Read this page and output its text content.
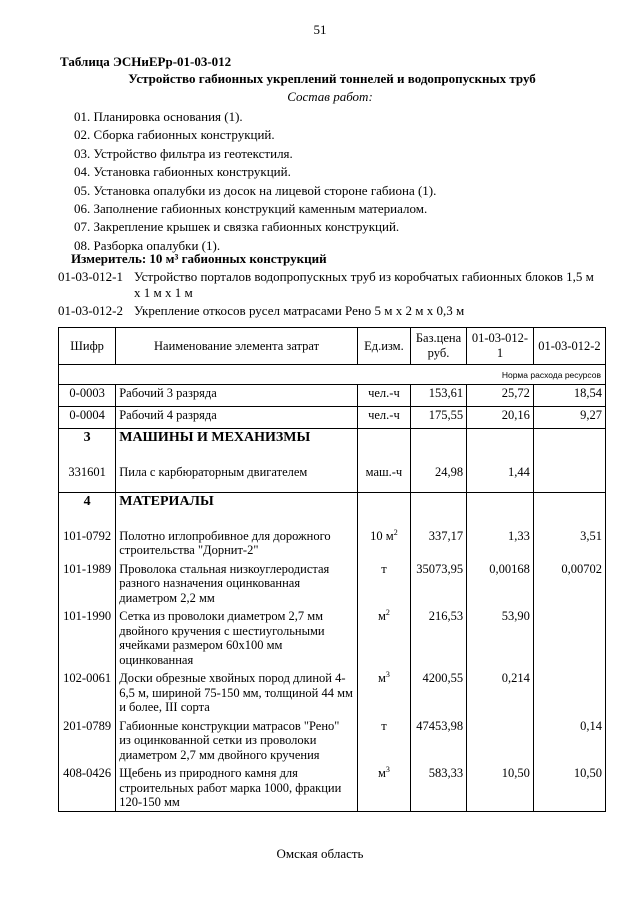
51
Таблица ЭСНиЕРр-01-03-012
Устройство габионных укреплений тоннелей и водопропускных труб
Состав работ:
01. Планировка основания (1).
02. Сборка габионных конструкций.
03. Устройство фильтра из геотекстиля.
04. Установка габионных конструкций.
05. Установка опалубки из досок на лицевой стороне габиона (1).
06. Заполнение габионных конструкций каменным материалом.
07. Закрепление крышек и связка габионных конструкций.
08. Разборка опалубки (1).
Измеритель: 10 м³ габионных конструкций
01-03-012-1 Устройство порталов водопропускных труб из коробчатых габионных блоков 1,5 м х 1 м х 1 м
01-03-012-2 Укрепление откосов русел матрасами Рено 5 м х 2 м х 0,3 м
Шифр	Наименование элемента затрат	Ед.изм.	Баз.цена руб.	01-03-012-1	01-03-012-2
Норма расхода ресурсов					
0-0003	Рабочий 3 разряда	чел.-ч	153,61	25,72	18,54
0-0004	Рабочий 4 разряда	чел.-ч	175,55	20,16	9,27
3	МАШИНЫ И МЕХАНИЗМЫ				
331601	Пила с карбюраторным двигателем	маш.-ч	24,98	1,44	
4	МАТЕРИАЛЫ				
101-0792	Полотно иглопробивное для дорожного строительства "Дорнит-2"	10 $м^2$	337,17	1,33	3,51
101-1989	Проволока стальная низкоуглеродистая разного назначения оцинкованная диаметром 2,2 мм	т	35073,95	0,00168	0,00702
101-1990	Сетка из проволоки диаметром 2,7 мм двойного кручения с шестиугольными ячейками размером 60х100 мм оцинкованная	$м^2$	216,53	53,90	
102-0061	Доски обрезные хвойных пород длиной 4-6,5 м, шириной 75-150 мм, толщиной 44 мм и более, III сорта	$м^3$	4200,55	0,214	
201-0789	Габионные конструкции матрасов "Рено" из оцинкованной сетки из проволоки диаметром 2,7 мм двойного кручения	т	47453,98		0,14
408-0426	Щебень из природного камня для строительных работ марка 1000, фракции 120-150 мм	$м^3$	583,33	10,50	10,50
Омская область
